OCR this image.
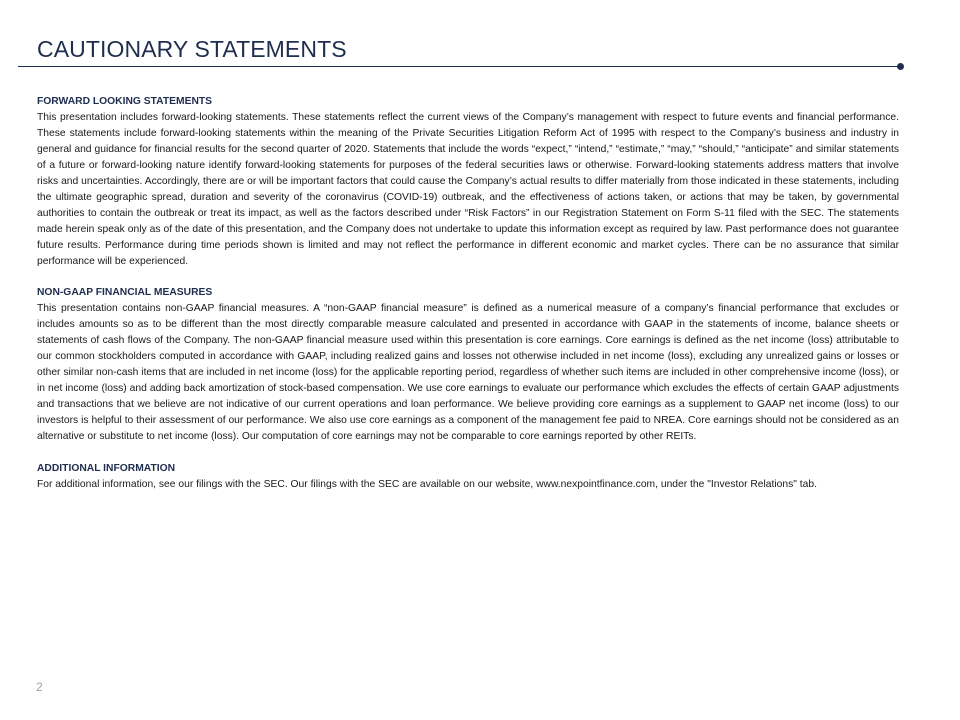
CAUTIONARY STATEMENTS

FORWARD LOOKING STATEMENTS

This presentation includes forward-looking statements. These statements reflect the current views of the Company’s management with respect to future events and financial performance. These statements include forward-looking statements within the meaning of the Private Securities Litigation Reform Act of 1995 with respect to the Company’s business and industry in general and guidance for financial results for the second quarter of 2020. Statements that include the words “expect,” “intend,” “estimate,” “may,” “should,” “anticipate” and similar statements of a future or forward-looking nature identify forward-looking statements for purposes of the federal securities laws or otherwise. Forward-looking statements address matters that involve risks and uncertainties. Accordingly, there are or will be important factors that could cause the Company’s actual results to differ materially from those indicated in these statements, including the ultimate geographic spread, duration and severity of the coronavirus (COVID-19) outbreak, and the effectiveness of actions taken, or actions that may be taken, by governmental authorities to contain the outbreak or treat its impact, as well as the factors described under “Risk Factors” in our Registration Statement on Form S-11 filed with the SEC. The statements made herein speak only as of the date of this presentation, and the Company does not undertake to update this information except as required by law. Past performance does not guarantee future results. Performance during time periods shown is limited and may not reflect the performance in different economic and market cycles. There can be no assurance that similar performance will be experienced.

NON-GAAP FINANCIAL MEASURES

This presentation contains non-GAAP financial measures. A “non-GAAP financial measure” is defined as a numerical measure of a company’s financial performance that excludes or includes amounts so as to be different than the most directly comparable measure calculated and presented in accordance with GAAP in the statements of income, balance sheets or statements of cash flows of the Company. The non-GAAP financial measure used within this presentation is core earnings. Core earnings is defined as the net income (loss) attributable to our common stockholders computed in accordance with GAAP, including realized gains and losses not otherwise included in net income (loss), excluding any unrealized gains or losses or other similar non-cash items that are included in net income (loss) for the applicable reporting period, regardless of whether such items are included in other comprehensive income (loss), or in net income (loss) and adding back amortization of stock-based compensation. We use core earnings to evaluate our performance which excludes the effects of certain GAAP adjustments and transactions that we believe are not indicative of our current operations and loan performance. We believe providing core earnings as a supplement to GAAP net income (loss) to our investors is helpful to their assessment of our performance. We also use core earnings as a component of the management fee paid to NREA. Core earnings should not be considered as an alternative or substitute to net income (loss). Our computation of core earnings may not be comparable to core earnings reported by other REITs.

ADDITIONAL INFORMATION

For additional information, see our filings with the SEC. Our filings with the SEC are available on our website, www.nexpointfinance.com, under the "Investor Relations" tab.

2
